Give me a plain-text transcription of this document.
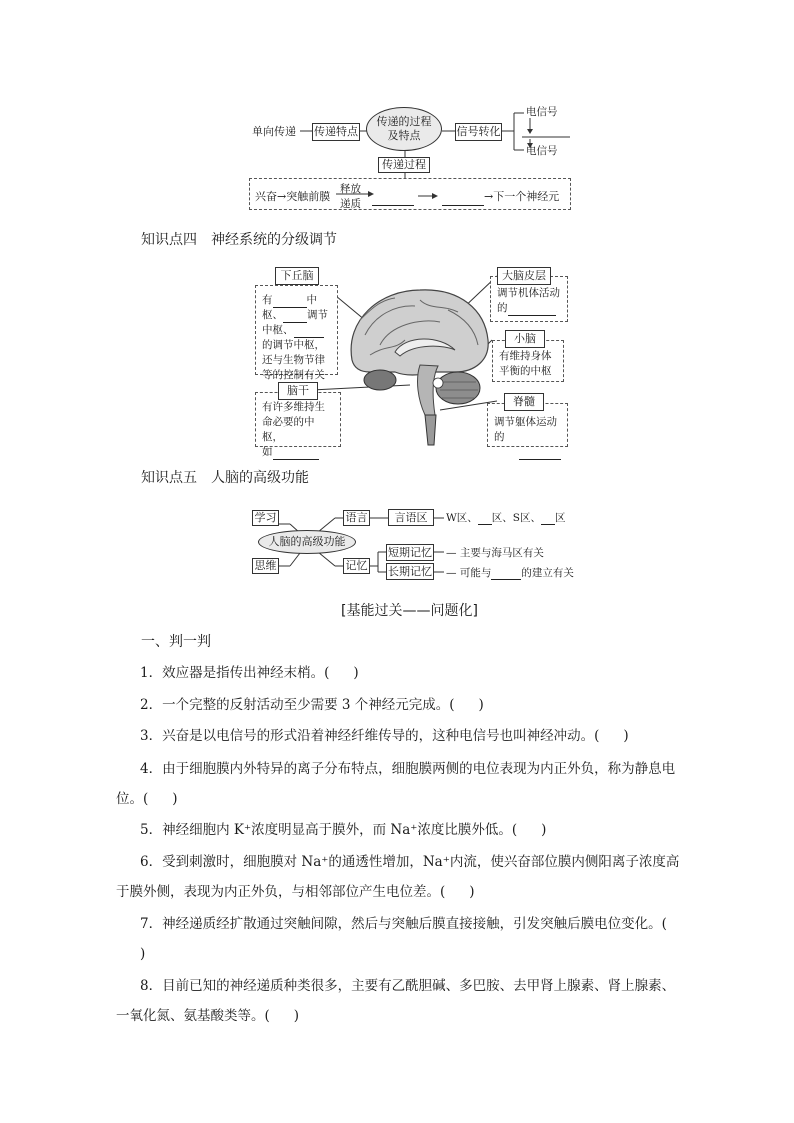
单向传递 传递特点
传递的过程
及特点	信号转化
电信号
电信号
传递过程
兴奋→突触前膜
释放
递质
→下一个神经元
知识点四　神经系统的分级调节
有	中
枢、 调节
中枢、
的调节中枢，
还与生物节律
等的控制有关
下丘脑
有许多维持生
命必要的中枢，
如
脑干
调节机体活动
的
大脑皮层
有维持身体
平衡的中枢
小脑
调节躯体运动的
脊髓
知识点五　人脑的高级功能
学习
思维
人脑的高级功能
语言
记忆
言语区	W区、 区、S区、 区
短期记忆
长期记忆
— 主要与海马区有关
— 可能与	的建立有关
[基能过关——问题化]
一、判一判
1．效应器是指传出神经末梢。( )
2．一个完整的反射活动至少需要 3 个神经元完成。( )
3．兴奋是以电信号的形式沿着神经纤维传导的，这种电信号也叫神经冲动。( )
4．由于细胞膜内外特异的离子分布特点，细胞膜两侧的电位表现为内正外负，称为静息电位。( )
5．神经细胞内 K⁺浓度明显高于膜外，而 Na⁺浓度比膜外低。( )
6．受到刺激时，细胞膜对 Na⁺的通透性增加，Na⁺内流，使兴奋部位膜内侧阳离子浓度高于膜外侧，表现为内正外负，与相邻部位产生电位差。( )
7．神经递质经扩散通过突触间隙，然后与突触后膜直接接触，引发突触后膜电位变化。()
8．目前已知的神经递质种类很多，主要有乙酰胆碱、多巴胺、去甲肾上腺素、肾上腺素、一氧化氮、氨基酸类等。( )
